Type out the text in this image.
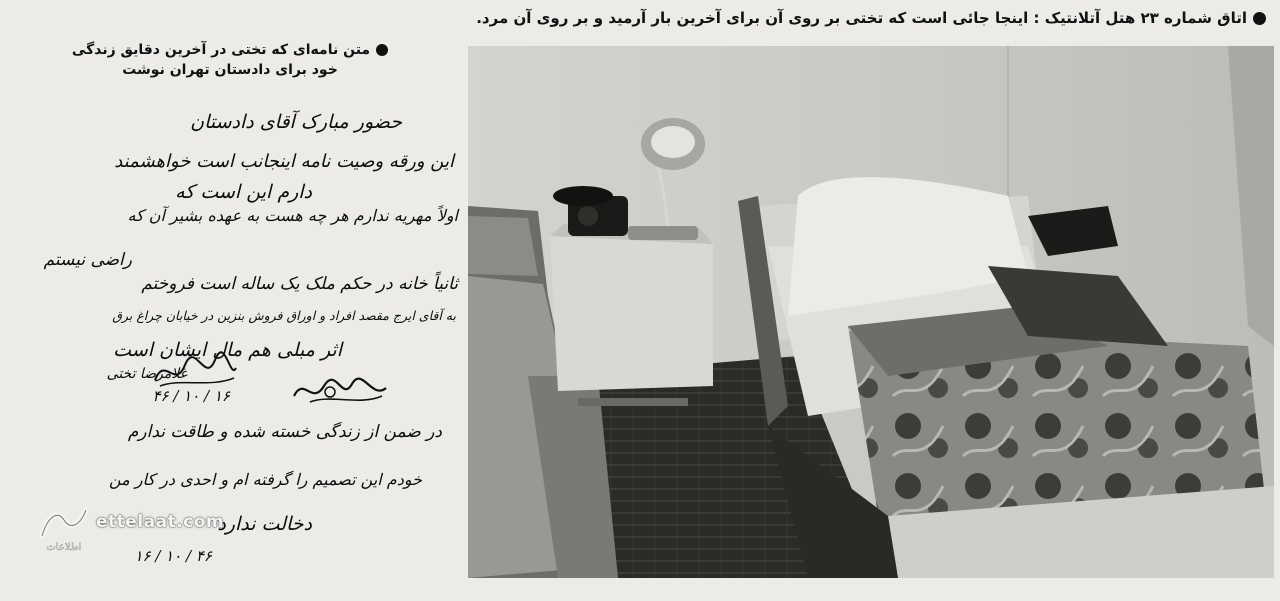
اتاق شماره ۲۳ هتل آتلانتیک : اینجا جائی است که تختی بر روی آن برای آخرین بار آرمید و بر روی آن مرد.
متن نامه‌ای که تختی در آخرین دقایق زندگی
خود برای دادستان تهران نوشت
حضور مبارک آقای دادستان
این ورقه وصیت نامه اینجانب است خواهشمند
دارم این است که
اولاً مهریه ندارم هر چه هست به عهده بشیر آن که
راضی نیستم
ثانیاً خانه در حکم ملک یک ساله است فروختم
به آقای ایرج مقصد افراد و اوراق فروش بنزین در خیابان چراغ برق
اثر مبلی هم مال ایشان است
غلامرضا تختی
۱۶ / ۱۰ / ۴۶
در ضمن از زندگی خسته شده و طاقت ندارم
خودم این تصمیم را گرفته ام و احدی در کار من
دخالت ندارد
۴۶ / ۱۰ / ۱۶
اطلاعات
ettelaat.com
